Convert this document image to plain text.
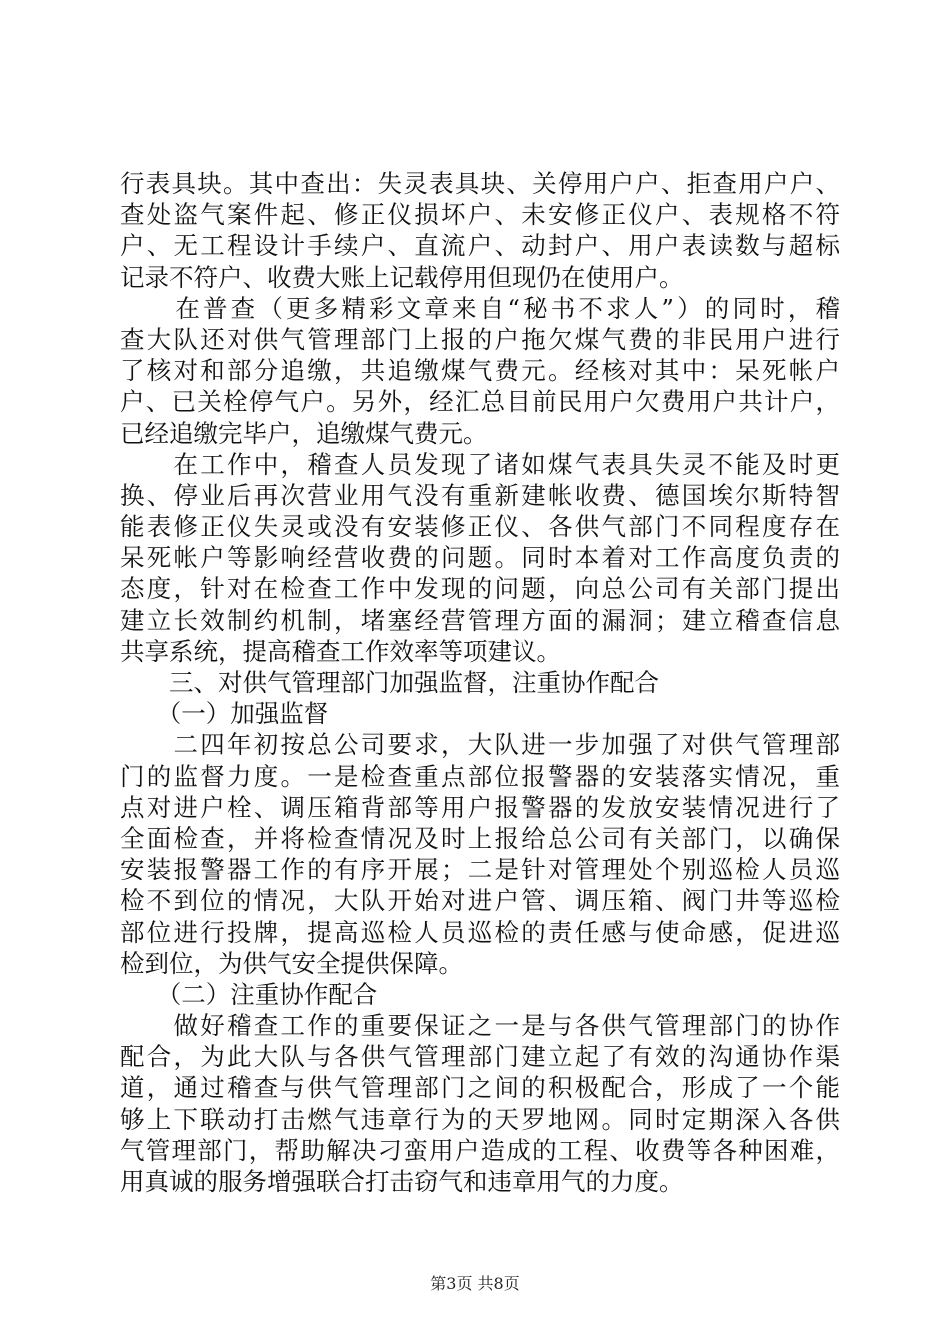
行表具块。其中查出：失灵表具块、关停用户户、拒查用户户、
查处盗气案件起、修正仪损坏户、未安修正仪户、表规格不符
户、无工程设计手续户、直流户、动封户、用户表读数与超标
记录不符户、收费大账上记载停用但现仍在使用户。
　　在普查（更多精彩文章来自“秘书不求人”）的同时，稽
查大队还对供气管理部门上报的户拖欠煤气费的非民用户进行
了核对和部分追缴，共追缴煤气费元。经核对其中：呆死帐户
户、已关栓停气户。另外，经汇总目前民用户欠费用户共计户，
已经追缴完毕户，追缴煤气费元。
　　在工作中，稽查人员发现了诸如煤气表具失灵不能及时更
换、停业后再次营业用气没有重新建帐收费、德国埃尔斯特智
能表修正仪失灵或没有安装修正仪、各供气部门不同程度存在
呆死帐户等影响经营收费的问题。同时本着对工作高度负责的
态度，针对在检查工作中发现的问题，向总公司有关部门提出
建立长效制约机制，堵塞经营管理方面的漏洞；建立稽查信息
共享系统，提高稽查工作效率等项建议。
　　三、对供气管理部门加强监督，注重协作配合
　　（一）加强监督
　　二四年初按总公司要求，大队进一步加强了对供气管理部
门的监督力度。一是检查重点部位报警器的安装落实情况，重
点对进户栓、调压箱背部等用户报警器的发放安装情况进行了
全面检查，并将检查情况及时上报给总公司有关部门，以确保
安装报警器工作的有序开展；二是针对管理处个别巡检人员巡
检不到位的情况，大队开始对进户管、调压箱、阀门井等巡检
部位进行投牌，提高巡检人员巡检的责任感与使命感，促进巡
检到位，为供气安全提供保障。
　　（二）注重协作配合
　　做好稽查工作的重要保证之一是与各供气管理部门的协作
配合，为此大队与各供气管理部门建立起了有效的沟通协作渠
道，通过稽查与供气管理部门之间的积极配合，形成了一个能
够上下联动打击燃气违章行为的天罗地网。同时定期深入各供
气管理部门，帮助解决刁蛮用户造成的工程、收费等各种困难，
用真诚的服务增强联合打击窃气和违章用气的力度。
第3页 共8页
